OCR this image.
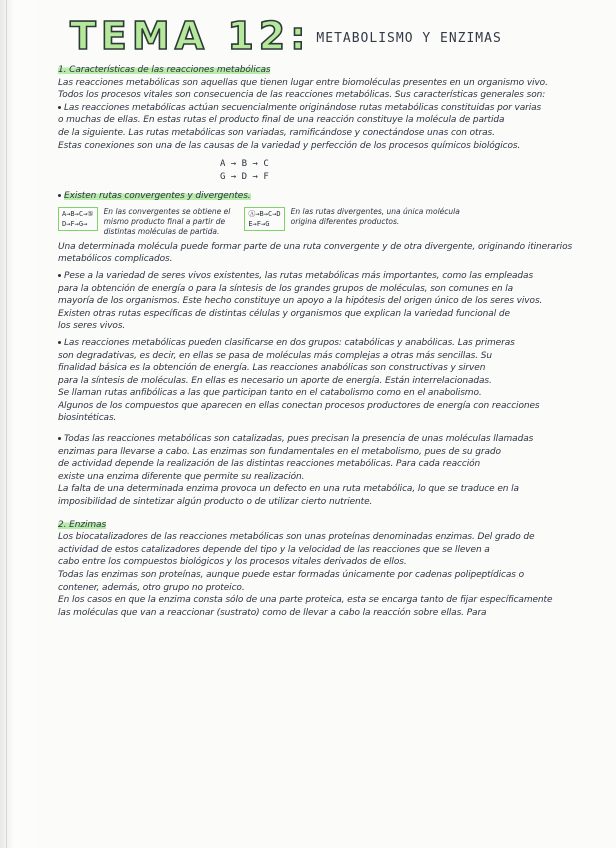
TEMA 12: METABOLISMO Y ENZIMAS
1. Características de las reacciones metabólicas
Las reacciones metabólicas son aquellas que tienen lugar entre biomoléculas presentes en un organismo vivo.
Todos los procesos vitales son consecuencia de las reacciones metabólicas. Sus características generales son:
Las reacciones metabólicas actúan secuencialmente originándose rutas metabólicas constituidas por varias
o muchas de ellas. En estas rutas el producto final de una reacción constituye la molécula de partida
de la siguiente. Las rutas metabólicas son variadas, ramificándose y conectándose unas con otras.
Estas conexiones son una de las causas de la variedad y perfección de los procesos químicos biológicos.
A → B → C
G → D → F
Existen rutas convergentes y divergentes.
A→B→C→⑤
D→F→G→
En las convergentes se obtiene el
mismo producto final a partir de
distintas moléculas de partida.
Ⓐ→B→C→D
E→F→G
En las rutas divergentes, una única molécula
origina diferentes productos.
Una determinada molécula puede formar parte de una ruta convergente y de otra divergente, originando itinerarios
metabólicos complicados.
Pese a la variedad de seres vivos existentes, las rutas metabólicas más importantes, como las empleadas
para la obtención de energía o para la síntesis de los grandes grupos de moléculas, son comunes en la
mayoría de los organismos. Este hecho constituye un apoyo a la hipótesis del origen único de los seres vivos.
Existen otras rutas específicas de distintas células y organismos que explican la variedad funcional de
los seres vivos.
Las reacciones metabólicas pueden clasificarse en dos grupos: catabólicas y anabólicas. Las primeras
son degradativas, es decir, en ellas se pasa de moléculas más complejas a otras más sencillas. Su
finalidad básica es la obtención de energía. Las reacciones anabólicas son constructivas y sirven
para la síntesis de moléculas. En ellas es necesario un aporte de energía. Están interrelacionadas.
Se llaman rutas anfibólicas a las que participan tanto en el catabolismo como en el anabolismo.
Algunos de los compuestos que aparecen en ellas conectan procesos productores de energía con reacciones
biosintéticas.
Todas las reacciones metabólicas son catalizadas, pues precisan la presencia de unas moléculas llamadas
enzimas para llevarse a cabo. Las enzimas son fundamentales en el metabolismo, pues de su grado
de actividad depende la realización de las distintas reacciones metabólicas. Para cada reacción
existe una enzima diferente que permite su realización.
La falta de una determinada enzima provoca un defecto en una ruta metabólica, lo que se traduce en la
imposibilidad de sintetizar algún producto o de utilizar cierto nutriente.
2. Enzimas
Los biocatalizadores de las reacciones metabólicas son unas proteínas denominadas enzimas. Del grado de
actividad de estos catalizadores depende del tipo y la velocidad de las reacciones que se lleven a
cabo entre los compuestos biológicos y los procesos vitales derivados de ellos.
Todas las enzimas son proteínas, aunque puede estar formadas únicamente por cadenas polipeptídicas o
contener, además, otro grupo no proteico.
En los casos en que la enzima consta sólo de una parte proteica, esta se encarga tanto de fijar específicamente
las moléculas que van a reaccionar (sustrato) como de llevar a cabo la reacción sobre ellas. Para
